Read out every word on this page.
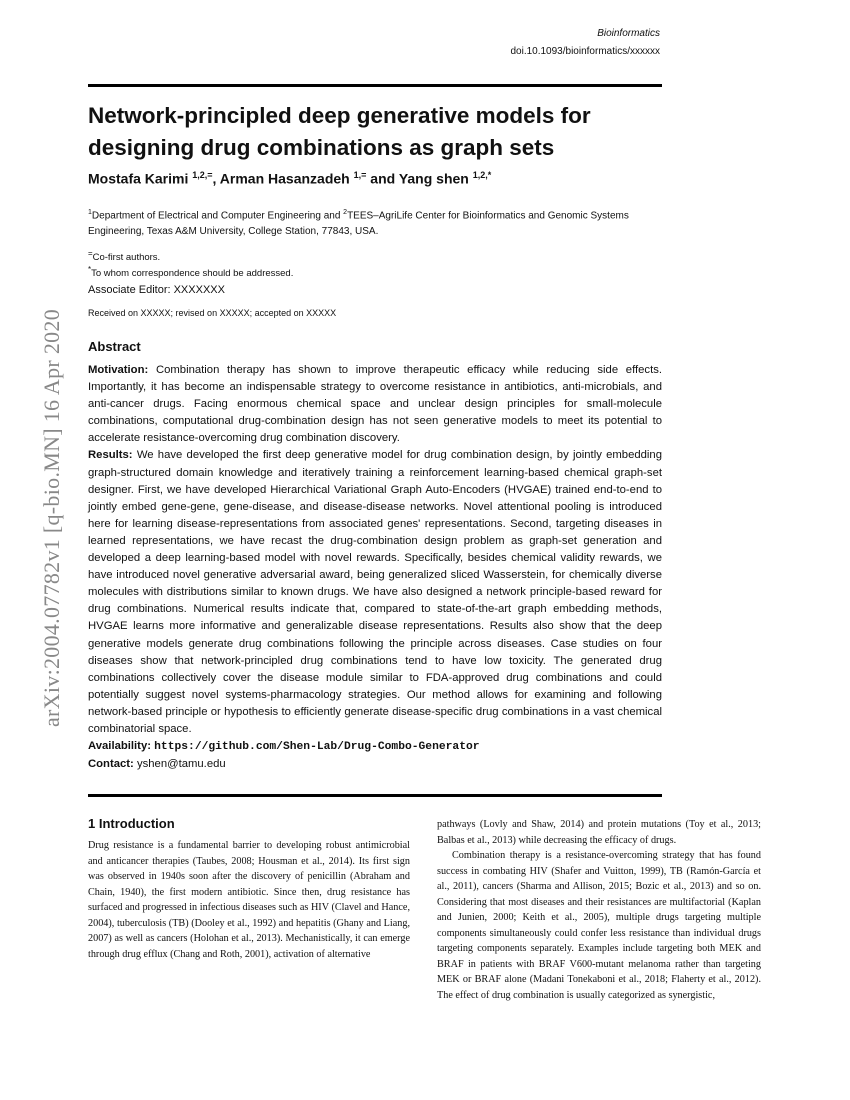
Bioinformatics
doi.10.1093/bioinformatics/xxxxxx
Network-principled deep generative models for designing drug combinations as graph sets

Mostafa Karimi $^{1,2,=}$, Arman Hasanzadeh $^{1,=}$ and Yang shen $^{1,2,*}$

$^1$Department of Electrical and Computer Engineering and $^2$TEES–AgriLife Center for Bioinformatics and Genomic Systems Engineering, Texas A&M University, College Station, 77843, USA.

=Co-first authors.
*To whom correspondence should be addressed.
Associate Editor: XXXXXXX
Received on XXXXX; revised on XXXXX; accepted on XXXXX
Abstract

Motivation: Combination therapy has shown to improve therapeutic efficacy while reducing side effects. Importantly, it has become an indispensable strategy to overcome resistance in antibiotics, anti-microbials, and anti-cancer drugs. Facing enormous chemical space and unclear design principles for small-molecule combinations, computational drug-combination design has not seen generative models to meet its potential to accelerate resistance-overcoming drug combination discovery.

Results: We have developed the first deep generative model for drug combination design, by jointly embedding graph-structured domain knowledge and iteratively training a reinforcement learning-based chemical graph-set designer. First, we have developed Hierarchical Variational Graph Auto-Encoders (HVGAE) trained end-to-end to jointly embed gene-gene, gene-disease, and disease-disease networks. Novel attentional pooling is introduced here for learning disease-representations from associated genes' representations. Second, targeting diseases in learned representations, we have recast the drug-combination design problem as graph-set generation and developed a deep learning-based model with novel rewards. Specifically, besides chemical validity rewards, we have introduced novel generative adversarial award, being generalized sliced Wasserstein, for chemically diverse molecules with distributions similar to known drugs. We have also designed a network principle-based reward for drug combinations. Numerical results indicate that, compared to state-of-the-art graph embedding methods, HVGAE learns more informative and generalizable disease representations. Results also show that the deep generative models generate drug combinations following the principle across diseases. Case studies on four diseases show that network-principled drug combinations tend to have low toxicity. The generated drug combinations collectively cover the disease module similar to FDA-approved drug combinations and could potentially suggest novel systems-pharmacology strategies. Our method allows for examining and following network-based principle or hypothesis to efficiently generate disease-specific drug combinations in a vast chemical combinatorial space.

Availability: https://github.com/Shen-Lab/Drug-Combo-Generator

Contact: yshen@tamu.edu

arXiv:2004.07782v1 [q-bio.MN] 16 Apr 2020
1 Introduction

Drug resistance is a fundamental barrier to developing robust antimicrobial and anticancer therapies (Taubes, 2008; Housman et al., 2014). Its first sign was observed in 1940s soon after the discovery of penicillin (Abraham and Chain, 1940), the first modern antibiotic. Since then, drug resistance has surfaced and progressed in infectious diseases such as HIV (Clavel and Hance, 2004), tuberculosis (TB) (Dooley et al., 1992) and hepatitis (Ghany and Liang, 2007) as well as cancers (Holohan et al., 2013). Mechanistically, it can emerge through drug efflux (Chang and Roth, 2001), activation of alternative

pathways (Lovly and Shaw, 2014) and protein mutations (Toy et al., 2013; Balbas et al., 2013) while decreasing the efficacy of drugs.

Combination therapy is a resistance-overcoming strategy that has found success in combating HIV (Shafer and Vuitton, 1999), TB (Ramón-García et al., 2011), cancers (Sharma and Allison, 2015; Bozic et al., 2013) and so on. Considering that most diseases and their resistances are multifactorial (Kaplan and Junien, 2000; Keith et al., 2005), multiple drugs targeting multiple components simultaneously could confer less resistance than individual drugs targeting components separately. Examples include targeting both MEK and BRAF in patients with BRAF V600-mutant melanoma rather than targeting MEK or BRAF alone (Madani Tonekaboni et al., 2018; Flaherty et al., 2012). The effect of drug combination is usually categorized as synergistic,
